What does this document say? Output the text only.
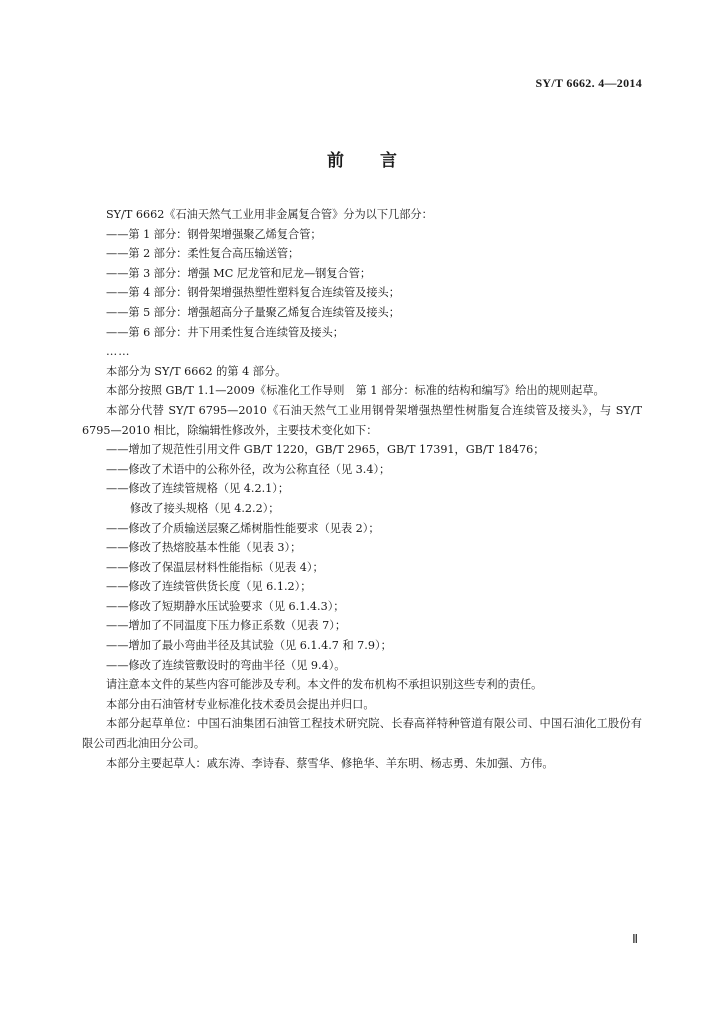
SY/T 6662. 4—2014
前 言

SY/T 6662《石油天然气工业用非金属复合管》分为以下几部分：

——第 1 部分：钢骨架增强聚乙烯复合管；

——第 2 部分：柔性复合高压输送管；

——第 3 部分：增强 MC 尼龙管和尼龙—钢复合管；

——第 4 部分：钢骨架增强热塑性塑料复合连续管及接头；

——第 5 部分：增强超高分子量聚乙烯复合连续管及接头；

——第 6 部分：井下用柔性复合连续管及接头；

……

本部分为 SY/T 6662 的第 4 部分。

本部分按照 GB/T 1.1—2009《标准化工作导则　第 1 部分：标准的结构和编写》给出的规则起草。

本部分代替 SY/T 6795—2010《石油天然气工业用钢骨架增强热塑性树脂复合连续管及接头》，与 SY/T 6795—2010 相比，除编辑性修改外，主要技术变化如下：

——增加了规范性引用文件 GB/T 1220，GB/T 2965，GB/T 17391，GB/T 18476；

——修改了术语中的公称外径，改为公称直径（见 3.4）；

——修改了连续管规格（见 4.2.1）；

修改了接头规格（见 4.2.2）；

——修改了介质输送层聚乙烯树脂性能要求（见表 2）；

——修改了热熔胶基本性能（见表 3）；

——修改了保温层材料性能指标（见表 4）；

——修改了连续管供货长度（见 6.1.2）；

——修改了短期静水压试验要求（见 6.1.4.3）；

——增加了不同温度下压力修正系数（见表 7）；

——增加了最小弯曲半径及其试验（见 6.1.4.7 和 7.9）；

——修改了连续管敷设时的弯曲半径（见 9.4）。

请注意本文件的某些内容可能涉及专利。本文件的发布机构不承担识别这些专利的责任。

本部分由石油管材专业标准化技术委员会提出并归口。

本部分起草单位：中国石油集团石油管工程技术研究院、长春高祥特种管道有限公司、中国石油化工股份有限公司西北油田分公司。

本部分主要起草人：戚东涛、李诗春、蔡雪华、修艳华、羊东明、杨志勇、朱加强、方伟。

Ⅱ
